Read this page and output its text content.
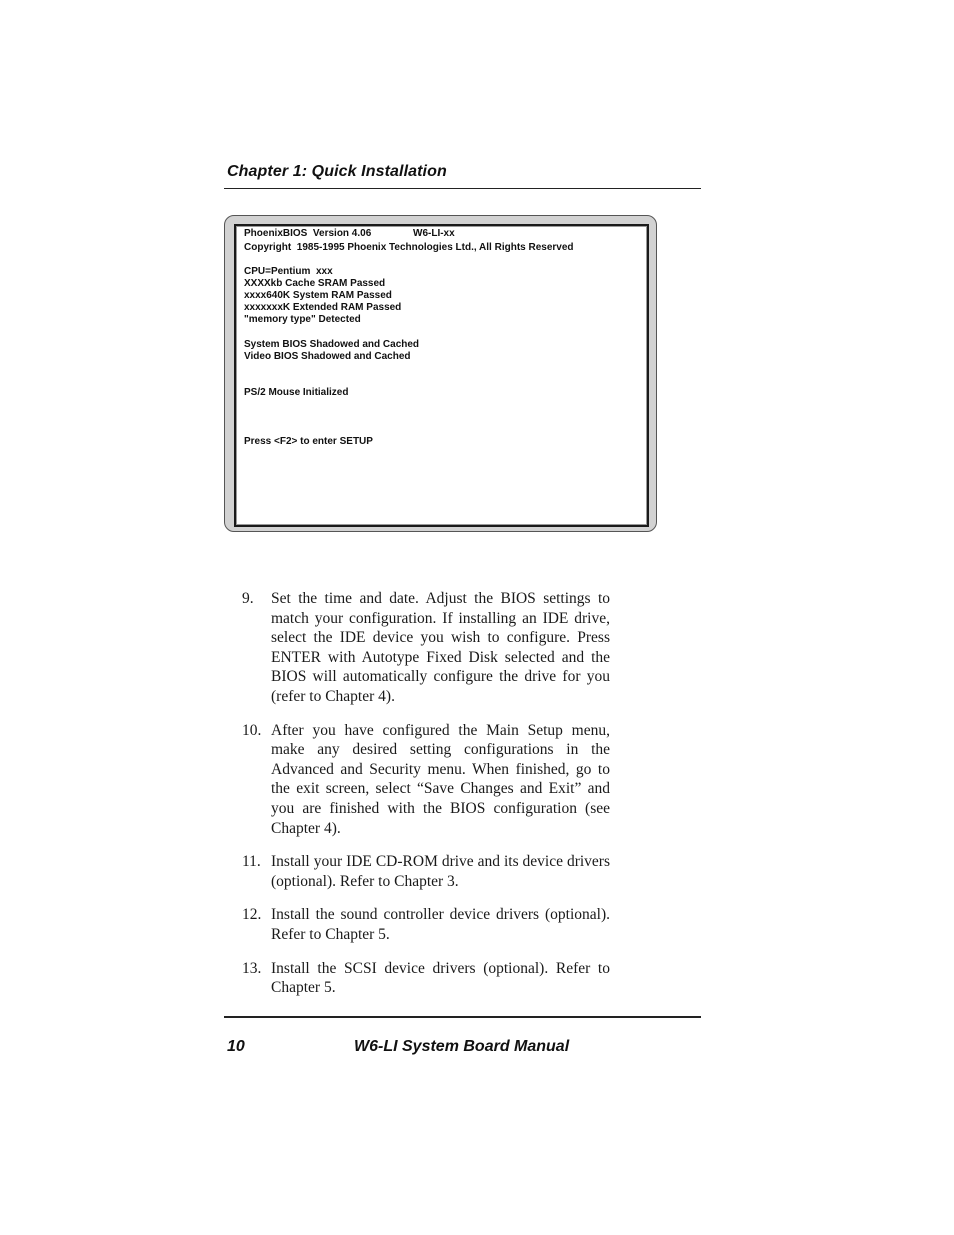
Chapter 1: Quick Installation
PhoenixBIOS  Version 4.06	W6-LI-xx
Copyright  1985-1995 Phoenix Technologies Ltd., All Rights Reserved
CPU=Pentium  xxx
XXXXkb Cache SRAM Passed
xxxx640K System RAM Passed
xxxxxxxK Extended RAM Passed
"memory type" Detected
System BIOS Shadowed and Cached
Video BIOS Shadowed and Cached
PS/2 Mouse Initialized
Press <F2> to enter SETUP
9. Set the time and date. Adjust the BIOS settings to match your configuration. If installing an IDE drive, select the IDE device you wish to configure. Press ENTER with Autotype Fixed Disk selected and the BIOS will automatically configure the drive for you (refer to Chapter 4).
10. After you have configured the Main Setup menu, make any desired setting configurations in the Advanced and Security menu. When finished, go to the exit screen, select “Save Changes and Exit” and you are finished with the BIOS configuration (see Chapter 4).
11. Install your IDE CD-ROM drive and its device drivers (optional). Refer to Chapter 3.
12. Install the sound controller device drivers (optional). Refer to Chapter 5.
13. Install the SCSI device drivers (optional). Refer to Chapter 5.
10	W6-LI System Board Manual
